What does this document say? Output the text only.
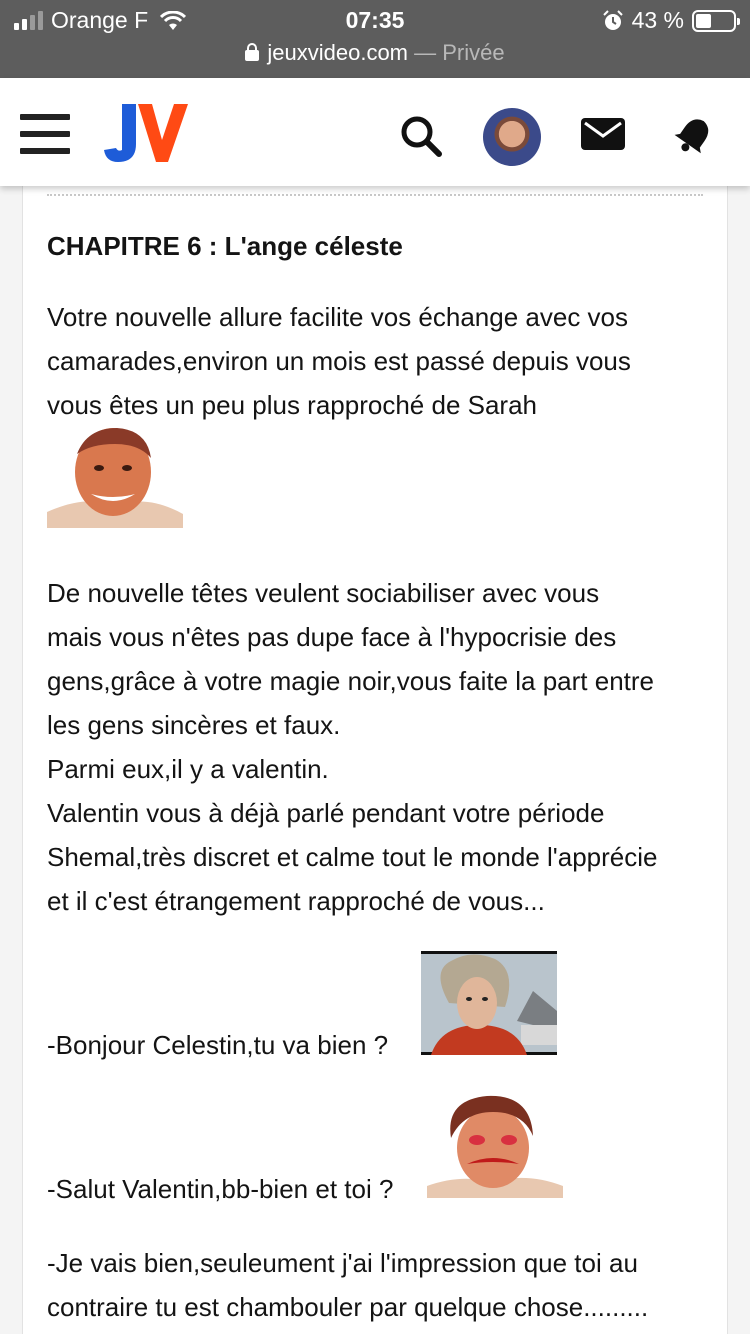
Orange F	07:35	43 %
jeuxvideo.com — Privée
CHAPITRE 6 : L'ange céleste
Votre nouvelle allure facilite vos échange avec vos
camarades,environ un mois est passé depuis vous
vous êtes un peu plus rapproché de Sarah
De nouvelle têtes veulent sociabiliser avec vous
mais vous n'êtes pas dupe face à l'hypocrisie des
gens,grâce à votre magie noir,vous faite la part entre
les gens sincères et faux.
Parmi eux,il y a valentin.
Valentin vous à déjà parlé pendant votre période
Shemal,très discret et calme tout le monde l'apprécie
et il c'est étrangement rapproché de vous...
-Bonjour Celestin,tu va bien ?
-Salut Valentin,bb-bien et toi ?
-Je vais bien,seuleument j'ai l'impression que toi au
contraire tu est chambouler par quelque chose.........
